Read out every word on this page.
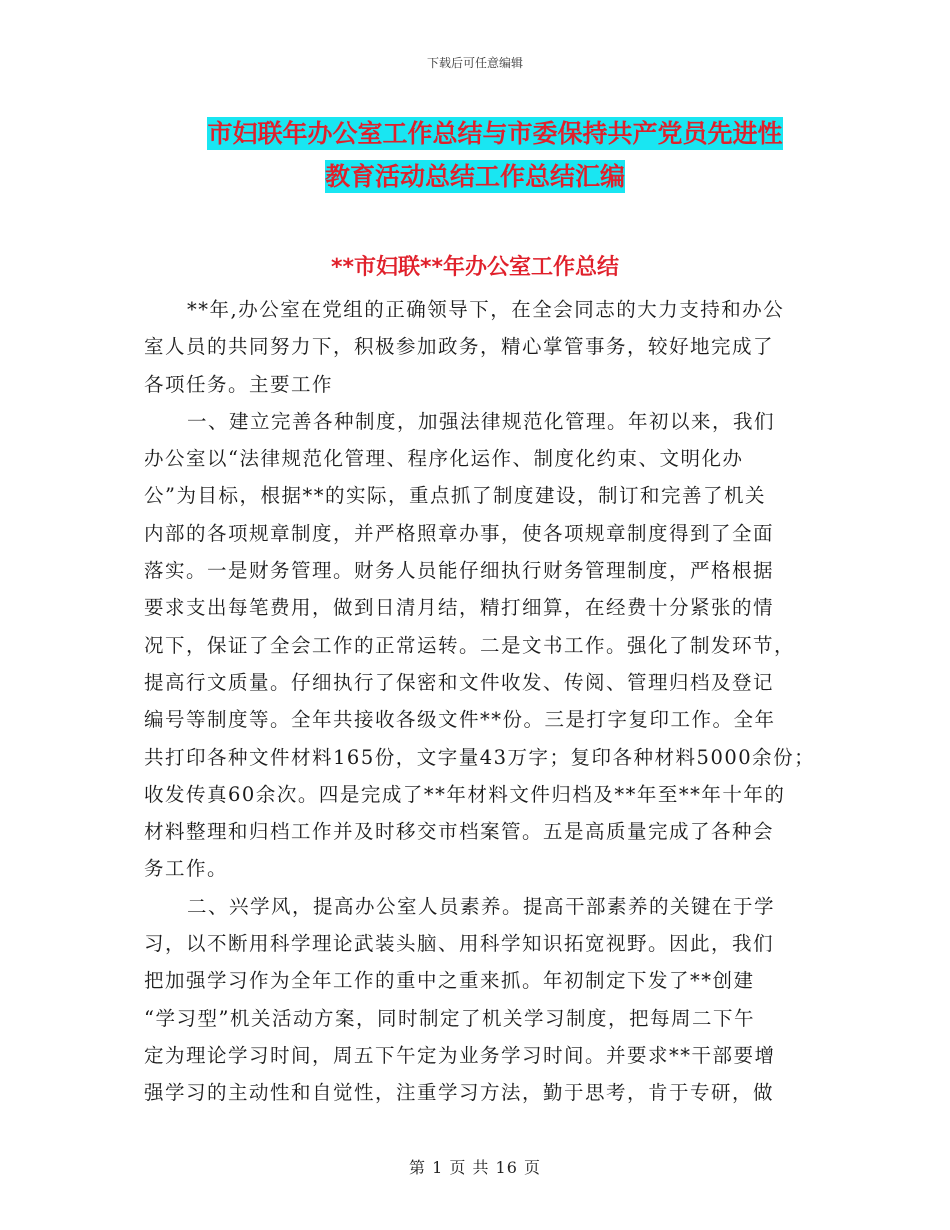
下载后可任意编辑
市妇联年办公室工作总结与市委保持共产党员先进性
教育活动总结工作总结汇编
**市妇联**年办公室工作总结

**年,办公室在党组的正确领导下，在全会同志的大力支持和办公
室人员的共同努力下，积极参加政务，精心掌管事务，较好地完成了
各项任务。主要工作

一、建立完善各种制度，加强法律规范化管理。年初以来，我们
办公室以“法律规范化管理、程序化运作、制度化约束、文明化办
公”为目标，根据**的实际，重点抓了制度建设，制订和完善了机关
内部的各项规章制度，并严格照章办事，使各项规章制度得到了全面
落实。一是财务管理。财务人员能仔细执行财务管理制度，严格根据
要求支出每笔费用，做到日清月结，精打细算，在经费十分紧张的情
况下，保证了全会工作的正常运转。二是文书工作。强化了制发环节，
提高行文质量。仔细执行了保密和文件收发、传阅、管理归档及登记
编号等制度等。全年共接收各级文件**份。三是打字复印工作。全年
共打印各种文件材料165份，文字量43万字；复印各种材料5000余份；
收发传真60余次。四是完成了**年材料文件归档及**年至**年十年的
材料整理和归档工作并及时移交市档案管。五是高质量完成了各种会
务工作。

二、兴学风，提高办公室人员素养。提高干部素养的关键在于学
习，以不断用科学理论武装头脑、用科学知识拓宽视野。因此，我们
把加强学习作为全年工作的重中之重来抓。年初制定下发了**创建
“学习型”机关活动方案，同时制定了机关学习制度，把每周二下午
定为理论学习时间，周五下午定为业务学习时间。并要求**干部要增
强学习的主动性和自觉性，注重学习方法，勤于思考，肯于专研，做

第 1 页 共 16 页
